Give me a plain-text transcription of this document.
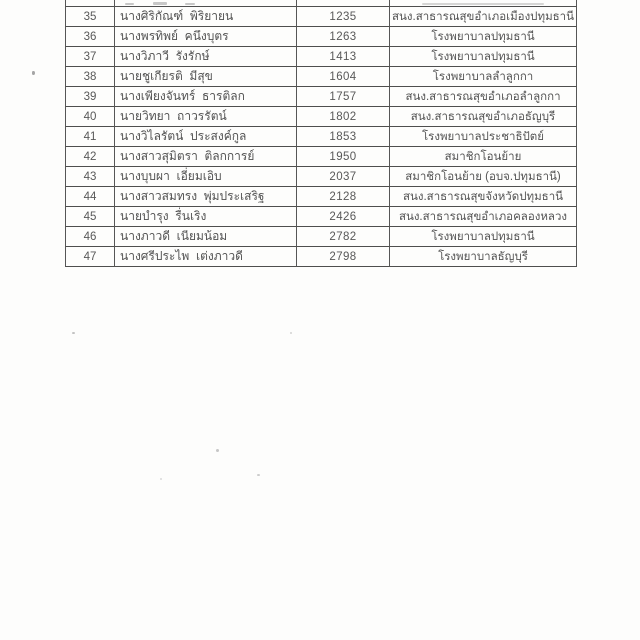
35 นางศิริกัณฑ์  พิริยายน	1235	สนง.สาธารณสุขอำเภอเมืองปทุมธานี
36 นางพรทิพย์  คนึงบุตร	1263	โรงพยาบาลปทุมธานี
37 นางวิภาวี  รังรักษ์	1413	โรงพยาบาลปทุมธานี
38 นายชูเกียรติ  มีสุข	1604	โรงพยาบาลลำลูกกา
39 นางเพียงจันทร์  ธารติลก	1757	สนง.สาธารณสุขอำเภอลำลูกกา
40 นายวิทยา  ถาวรรัตน์	1802	สนง.สาธารณสุขอำเภอธัญบุรี
41 นางวิไลรัตน์  ประสงค์กูล	1853	โรงพยาบาลประชาธิปัตย์
42 นางสาวสุมิตรา  ติลกการย์	1950	สมาชิกโอนย้าย
43 นางบุบผา  เอี่ยมเอิบ	2037	สมาชิกโอนย้าย (อบจ.ปทุมธานี)
44 นางสาวสมทรง  พุ่มประเสริฐ	2128	สนง.สาธารณสุขจังหวัดปทุมธานี
45 นายบำรุง  รื่นเริง	2426	สนง.สาธารณสุขอำเภอคลองหลวง
46 นางภาวดี  เนียมน้อม	2782	โรงพยาบาลปทุมธานี
47 นางศรีประไพ  เต่งภาวดี	2798	โรงพยาบาลธัญบุรี
